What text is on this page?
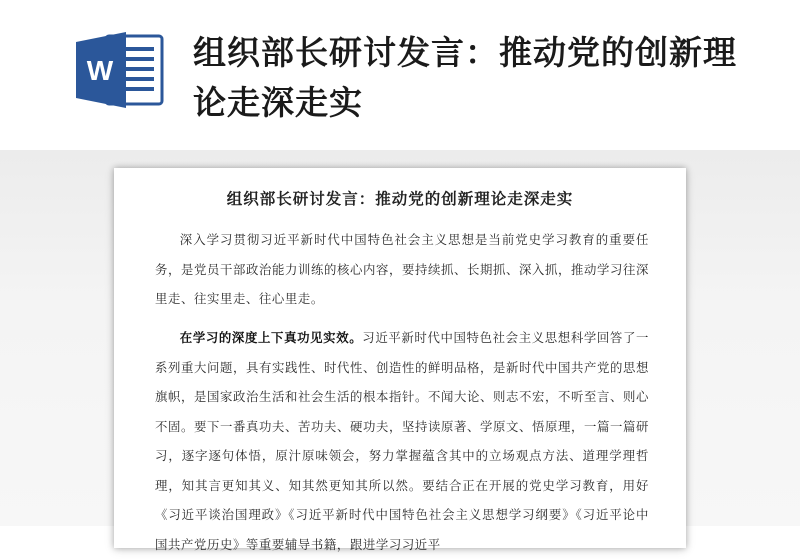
W 组织部长研讨发言：推动党的创新理论走深走实
组织部长研讨发言：推动党的创新理论走深走实

深入学习贯彻习近平新时代中国特色社会主义思想是当前党史学习教育的重要任务，是党员干部政治能力训练的核心内容，要持续抓、长期抓、深入抓，推动学习往深里走、往实里走、往心里走。

在学习的深度上下真功见实效。习近平新时代中国特色社会主义思想科学回答了一系列重大问题，具有实践性、时代性、创造性的鲜明品格，是新时代中国共产党的思想旗帜，是国家政治生活和社会生活的根本指针。不闻大论、则志不宏，不听至言、则心不固。要下一番真功夫、苦功夫、硬功夫，坚持读原著、学原文、悟原理，一篇一篇研习，逐字逐句体悟，原汁原味领会，努力掌握蕴含其中的立场观点方法、道理学理哲理，知其言更知其义、知其然更知其所以然。要结合正在开展的党史学习教育，用好《习近平谈治国理政》《习近平新时代中国特色社会主义思想学习纲要》《习近平论中国共产党历史》等重要辅导书籍，跟进学习习近平
